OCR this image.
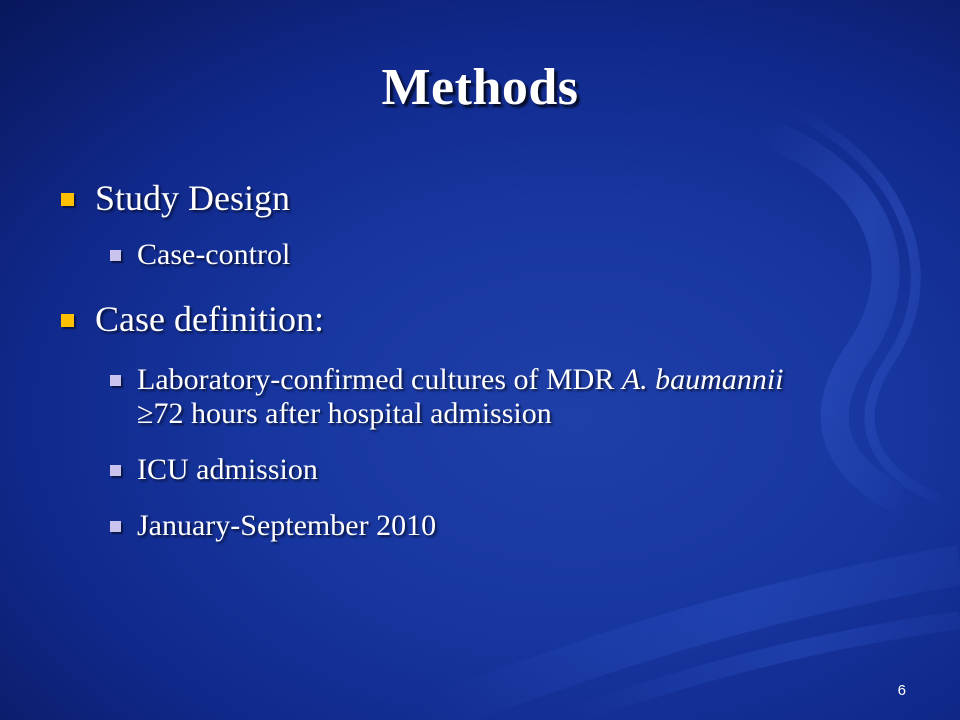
Methods
Study Design
Case-control
Case definition:
Laboratory-confirmed cultures of MDR A. baumannii
≥72 hours after hospital admission
ICU admission
January-September 2010
6
